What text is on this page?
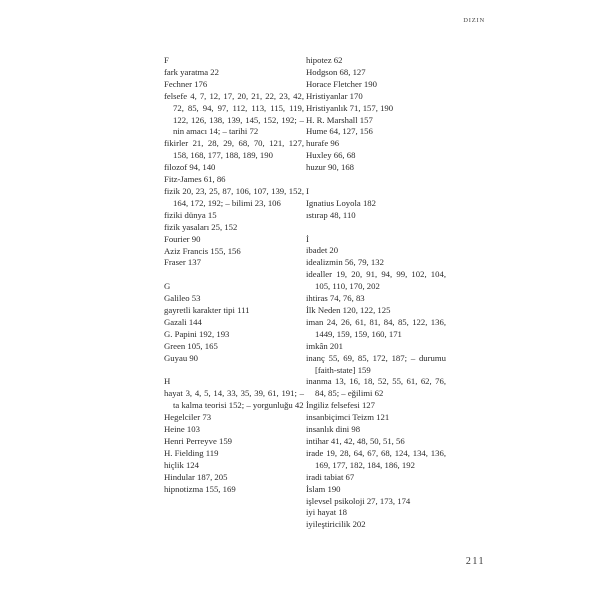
DIZIN

F

fark yaratma 22

Fechner 176

felsefe 4, 7, 12, 17, 20, 21, 22, 23, 42, 72, 85, 94, 97, 112, 113, 115, 119, 122, 126, 138, 139, 145, 152, 192; –nin amacı 14; – tarihi 72

fikirler 21, 28, 29, 68, 70, 121, 127, 158, 168, 177, 188, 189, 190

filozof 94, 140

Fitz-James 61, 86

fizik 20, 23, 25, 87, 106, 107, 139, 152, 164, 172, 192; – bilimi 23, 106

fiziki dünya 15

fizik yasaları 25, 152

Fourier 90

Aziz Francis 155, 156

Fraser 137

G

Galileo 53

gayretli karakter tipi 111

Gazali 144

G. Papini 192, 193

Green 105, 165

Guyau 90

H

hayat 3, 4, 5, 14, 33, 35, 39, 61, 191; –ta kalma teorisi 152; – yorgunluğu 42

Hegelciler 73

Heine 103

Henri Perreyve 159

H. Fielding 119

hiçlik 124

Hindular 187, 205

hipnotizma 155, 169

hipotez 62

Hodgson 68, 127

Horace Fletcher 190

Hristiyanlar 170

Hristiyanlık 71, 157, 190

H. R. Marshall 157

Hume 64, 127, 156

hurafe 96

Huxley 66, 68

huzur 90, 168

I

Ignatius Loyola 182

ıstırap 48, 110

İ

ibadet 20

idealizmin 56, 79, 132

idealler 19, 20, 91, 94, 99, 102, 104, 105, 110, 170, 202

ihtiras 74, 76, 83

İlk Neden 120, 122, 125

iman 24, 26, 61, 81, 84, 85, 122, 136, 1449, 159, 159, 160, 171

imkân 201

inanç 55, 69, 85, 172, 187; – durumu [faith-state] 159

inanma 13, 16, 18, 52, 55, 61, 62, 76, 84, 85; – eğilimi 62

İngiliz felsefesi 127

insanbiçimci Teizm 121

insanlık dini 98

intihar 41, 42, 48, 50, 51, 56

irade 19, 28, 64, 67, 68, 124, 134, 136, 169, 177, 182, 184, 186, 192

iradi tabiat 67

İslam 190

işlevsel psikoloji 27, 173, 174

iyi hayat 18

iyileştiricilik 202

211
